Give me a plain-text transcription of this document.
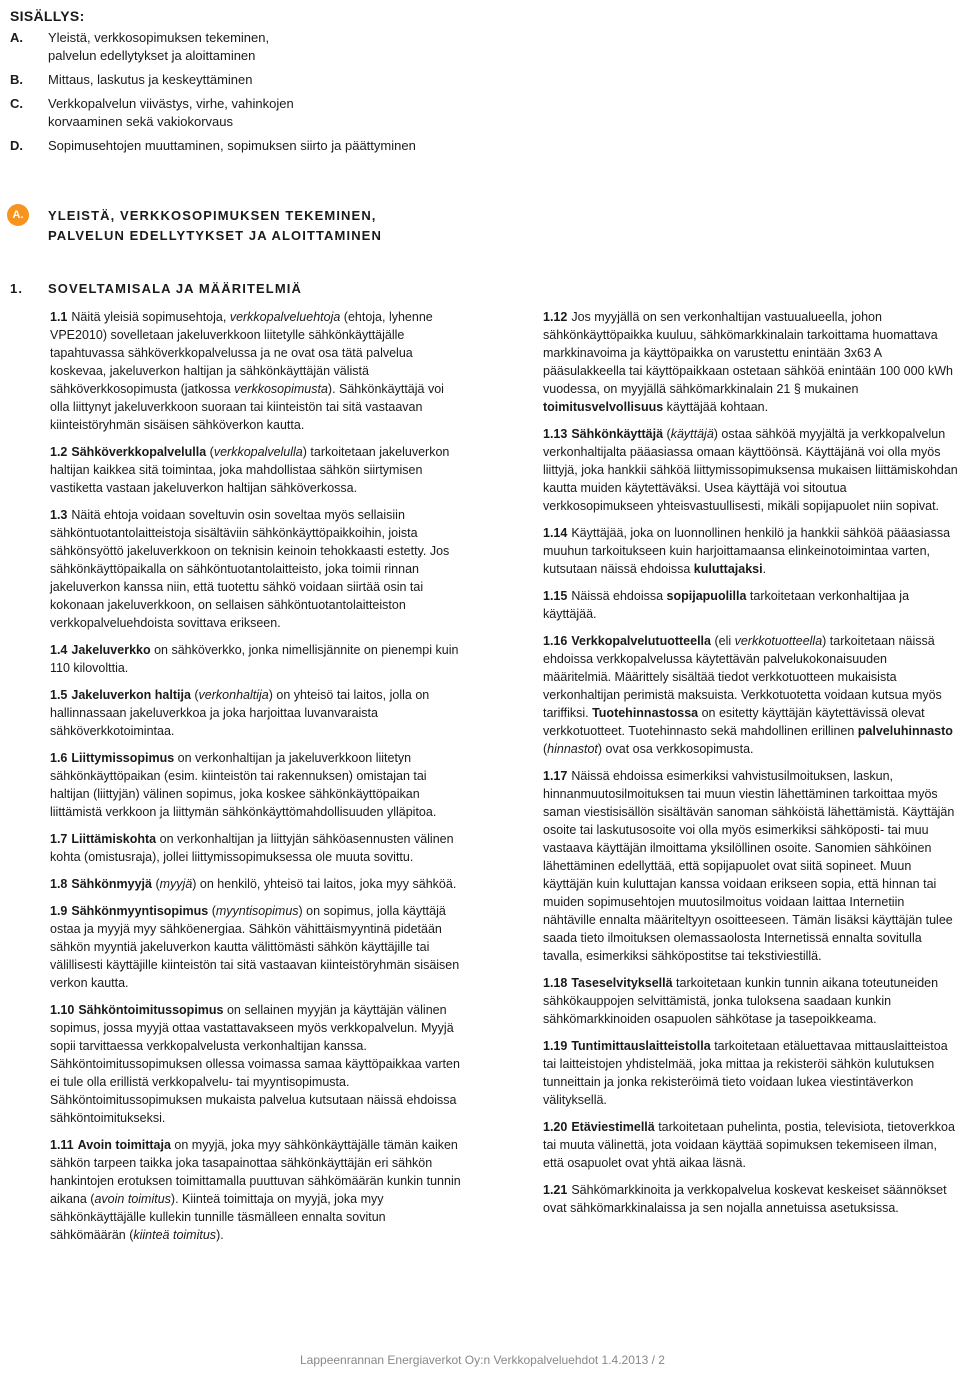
SISÄLLYS:
A.	Yleistä, verkkosopimuksen tekeminen,
palvelun edellytykset ja aloittaminen
B.	Mittaus, laskutus ja keskeyttäminen
C.	Verkkopalvelun viivästys, virhe, vahinkojen
korvaaminen sekä vakiokorvaus
D.	Sopimusehtojen muuttaminen, sopimuksen siirto ja päättyminen
A.	YLEISTÄ, VERKKOSOPIMUKSEN TEKEMINEN,
PALVELUN EDELLYTYKSET JA ALOITTAMINEN
1.	SOVELTAMISALA JA MÄÄRITELMIÄ

1.1 Näitä yleisiä sopimusehtoja, verkkopalveluehtoja (ehtoja, lyhenne VPE2010) sovelletaan jakeluverkkoon liitetylle sähkönkäyttäjälle tapahtuvassa sähköverkkopalvelussa ja ne ovat osa tätä palvelua koskevaa, jakeluverkon haltijan ja sähkönkäyttäjän välistä sähköverkkosopimusta (jatkossa verkkosopimusta). Sähkönkäyttäjä voi olla liittynyt jakeluverkkoon suoraan tai kiinteistön tai sitä vastaavan kiinteistöryhmän sisäisen sähköverkon kautta.

1.2 Sähköverkkopalvelulla (verkkopalvelulla) tarkoitetaan jakeluverkon haltijan kaikkea sitä toimintaa, joka mahdollistaa sähkön siirtymisen vastiketta vastaan jakeluverkon haltijan sähköverkossa.

1.3 Näitä ehtoja voidaan soveltuvin osin soveltaa myös sellaisiin sähköntuotantolaitteistoja sisältäviin sähkönkäyttöpaikkoihin, joista sähkönsyöttö jakeluverkkoon on teknisin keinoin tehokkaasti estetty. Jos sähkönkäyttöpaikalla on sähköntuotantolaitteisto, joka toimii rinnan jakeluverkon kanssa niin, että tuotettu sähkö voidaan siirtää osin tai kokonaan jakeluverkkoon, on sellaisen sähköntuotantolaitteiston verkkopalveluehdoista sovittava erikseen.

1.4 Jakeluverkko on sähköverkko, jonka nimellisjännite on pienempi kuin 110 kilovolttia.

1.5 Jakeluverkon haltija (verkonhaltija) on yhteisö tai laitos, jolla on hallinnassaan jakeluverkkoa ja joka harjoittaa luvanvaraista sähköverkkotoimintaa.

1.6 Liittymissopimus on verkonhaltijan ja jakeluverkkoon liitetyn sähkönkäyttöpaikan (esim. kiinteistön tai rakennuksen) omistajan tai haltijan (liittyjän) välinen sopimus, joka koskee sähkönkäyttöpaikan liittämistä verkkoon ja liittymän sähkönkäyttömahdollisuuden ylläpitoa.

1.7 Liittämiskohta on verkonhaltijan ja liittyjän sähköasennusten välinen kohta (omistusraja), jollei liittymissopimuksessa ole muuta sovittu.

1.8 Sähkönmyyjä (myyjä) on henkilö, yhteisö tai laitos, joka myy sähköä.

1.9 Sähkönmyyntisopimus (myyntisopimus) on sopimus, jolla käyttäjä ostaa ja myyjä myy sähköenergiaa. Sähkön vähittäismyyntinä pidetään sähkön myyntiä jakeluverkon kautta välittömästi sähkön käyttäjille tai välillisesti käyttäjille kiinteistön tai sitä vastaavan kiinteistöryhmän sisäisen verkon kautta.

1.10 Sähköntoimitussopimus on sellainen myyjän ja käyttäjän välinen sopimus, jossa myyjä ottaa vastattavakseen myös verkkopalvelun. Myyjä sopii tarvittaessa verkkopalvelusta verkonhaltijan kanssa. Sähköntoimitussopimuksen ollessa voimassa samaa käyttöpaikkaa varten ei tule olla erillistä verkkopalvelu- tai myyntisopimusta. Sähköntoimitussopimuksen mukaista palvelua kutsutaan näissä ehdoissa sähköntoimitukseksi.

1.11 Avoin toimittaja on myyjä, joka myy sähkönkäyttäjälle tämän kaiken sähkön tarpeen taikka joka tasapainottaa sähkönkäyttäjän eri sähkön hankintojen erotuksen toimittamalla puuttuvan sähkömäärän kunkin tunnin aikana (avoin toimitus). Kiinteä toimittaja on myyjä, joka myy sähkönkäyttäjälle kullekin tunnille täsmälleen ennalta sovitun sähkömäärän (kiinteä toimitus).

1.12 Jos myyjällä on sen verkonhaltijan vastuualueella, johon sähkönkäyttöpaikka kuuluu, sähkömarkkinalain tarkoittama huomattava markkinavoima ja käyttöpaikka on varustettu enintään 3x63 A pääsulakkeella tai käyttöpaikkaan ostetaan sähköä enintään 100 000 kWh vuodessa, on myyjällä sähkömarkkinalain 21 § mukainen toimitusvelvollisuus käyttäjää kohtaan.

1.13 Sähkönkäyttäjä (käyttäjä) ostaa sähköä myyjältä ja verkkopalvelun verkonhaltijalta pääasiassa omaan käyttöönsä. Käyttäjänä voi olla myös liittyjä, joka hankkii sähköä liittymissopimuksensa mukaisen liittämiskohdan kautta muiden käytettäväksi. Usea käyttäjä voi sitoutua verkkosopimukseen yhteisvastuullisesti, mikäli sopijapuolet niin sopivat.

1.14 Käyttäjää, joka on luonnollinen henkilö ja hankkii sähköä pääasiassa muuhun tarkoitukseen kuin harjoittamaansa elinkeinotoimintaa varten, kutsutaan näissä ehdoissa kuluttajaksi.

1.15 Näissä ehdoissa sopijapuolilla tarkoitetaan verkonhaltijaa ja käyttäjää.

1.16 Verkkopalvelutuotteella (eli verkkotuotteella) tarkoitetaan näissä ehdoissa verkkopalvelussa käytettävän palvelukokonaisuuden määritelmiä. Määrittely sisältää tiedot verkkotuotteen mukaisista verkonhaltijan perimistä maksuista. Verkkotuotetta voidaan kutsua myös tariffiksi. Tuotehinnastossa on esitetty käyttäjän käytettävissä olevat verkkotuotteet. Tuotehinnasto sekä mahdollinen erillinen palveluhinnasto (hinnastot) ovat osa verkkosopimusta.

1.17 Näissä ehdoissa esimerkiksi vahvistusilmoituksen, laskun, hinnanmuutosilmoituksen tai muun viestin lähettäminen tarkoittaa myös saman viestisisällön sisältävän sanoman sähköistä lähettämistä. Käyttäjän osoite tai laskutusosoite voi olla myös esimerkiksi sähköposti- tai muu vastaava käyttäjän ilmoittama yksilöllinen osoite. Sanomien sähköinen lähettäminen edellyttää, että sopijapuolet ovat siitä sopineet. Muun käyttäjän kuin kuluttajan kanssa voidaan erikseen sopia, että hinnan tai muiden sopimusehtojen muutosilmoitus voidaan laittaa Internetiin nähtäville ennalta määriteltyyn osoitteeseen. Tämän lisäksi käyttäjän tulee saada tieto ilmoituksen olemassaolosta Internetissä ennalta sovitulla tavalla, esimerkiksi sähköpostitse tai tekstiviestillä.

1.18 Taseselvityksellä tarkoitetaan kunkin tunnin aikana toteutuneiden sähkökauppojen selvittämistä, jonka tuloksena saadaan kunkin sähkömarkkinoiden osapuolen sähkötase ja tasepoikkeama.

1.19 Tuntimittauslaitteistolla tarkoitetaan etäluettavaa mittauslaitteistoa tai laitteistojen yhdistelmää, joka mittaa ja rekisteröi sähkön kulutuksen tunneittain ja jonka rekisteröimä tieto voidaan lukea viestintäverkon välityksellä.

1.20 Etäviestimellä tarkoitetaan puhelinta, postia, televisiota, tietoverkkoa tai muuta välinettä, jota voidaan käyttää sopimuksen tekemiseen ilman, että osapuolet ovat yhtä aikaa läsnä.

1.21 Sähkömarkkinoita ja verkkopalvelua koskevat keskeiset säännökset ovat sähkömarkkinalaissa ja sen nojalla annetuissa asetuksissa.

Lappeenrannan Energiaverkot Oy:n Verkkopalveluehdot 1.4.2013 / 2
